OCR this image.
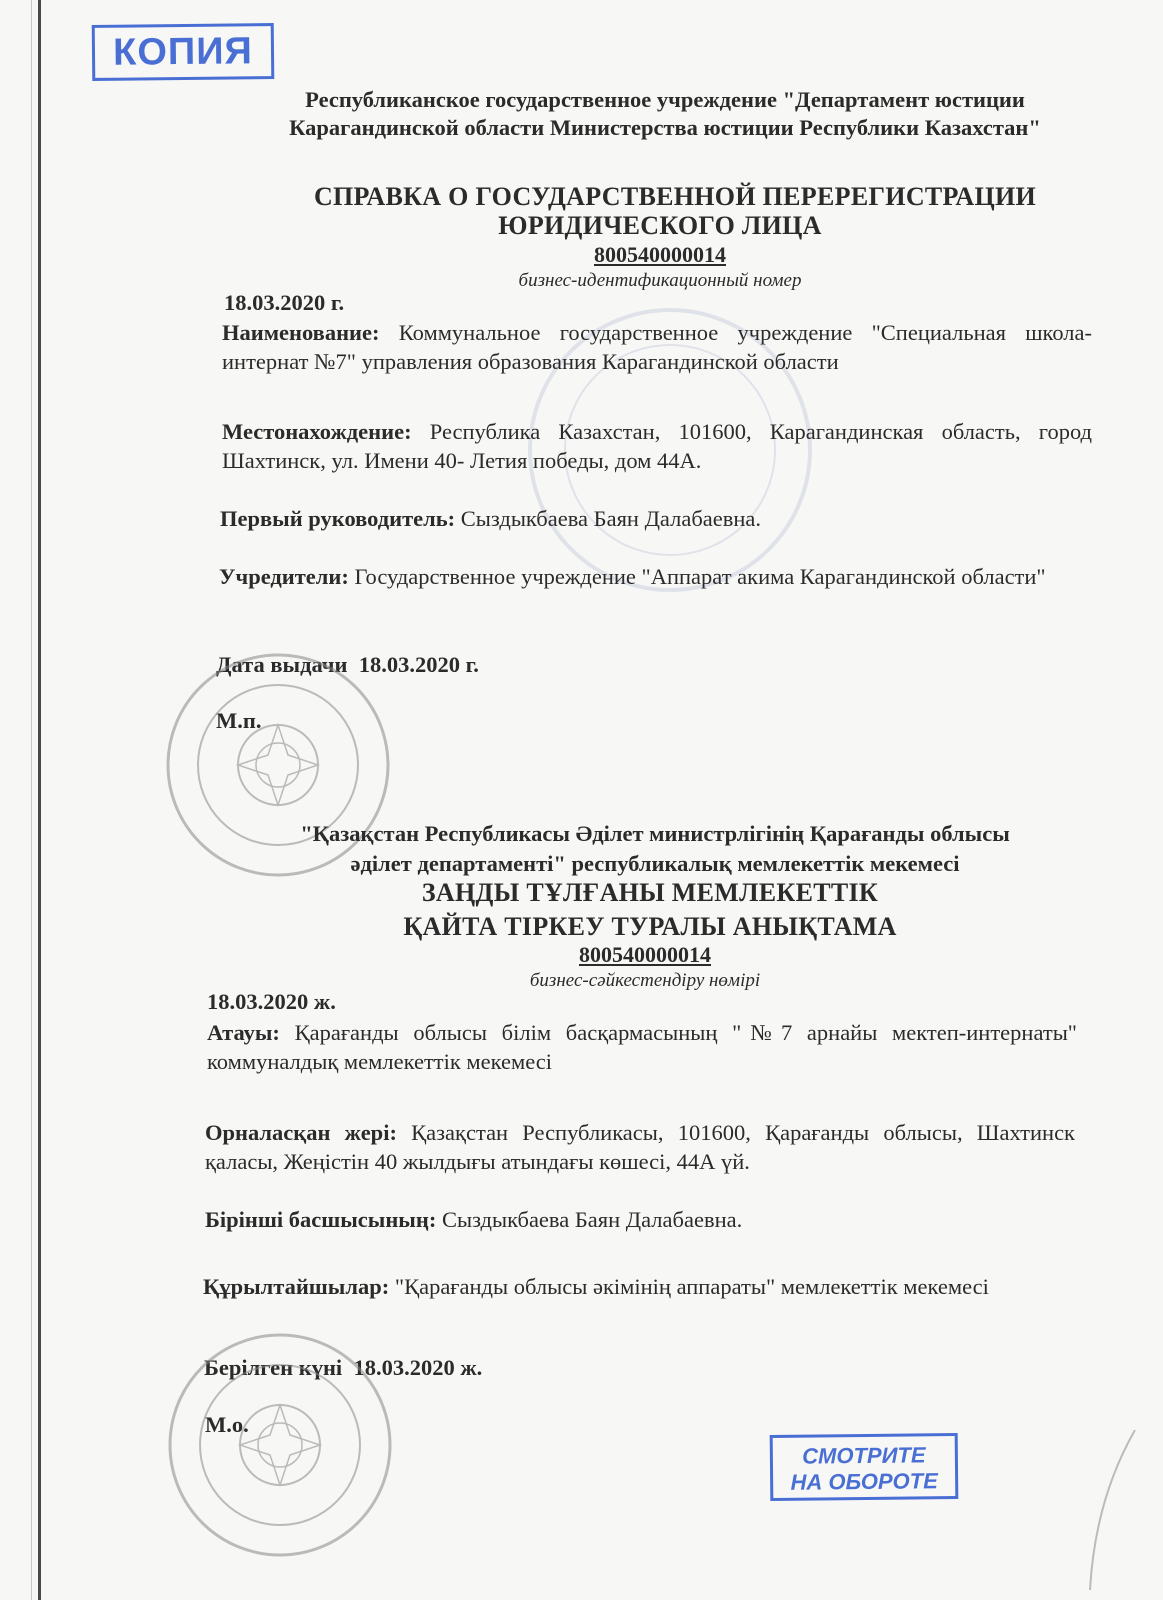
КОПИЯ
Республиканское государственное учреждение "Департамент юстиции Карагандинской области Министерства юстиции Республики Казахстан"
СПРАВКА О ГОСУДАРСТВЕННОЙ ПЕРЕРЕГИСТРАЦИИ
ЮРИДИЧЕСКОГО ЛИЦА
800540000014
бизнес-идентификационный номер
18.03.2020 г.
Наименование: Коммунальное государственное учреждение "Специальная школа-интернат №7" управления образования Карагандинской области
Местонахождение: Республика Казахстан, 101600, Карагандинская область, город Шахтинск, ул. Имени 40- Летия победы, дом 44А.
Первый руководитель: Сыздыкбаева Баян Далабаевна.
Учредители: Государственное учреждение "Аппарат акима Карагандинской области"
Дата выдачи 18.03.2020 г.
М.п.
"Қазақстан Республикасы Әділет министрлігінің Қарағанды облысы
әділет департаменті" республикалық мемлекеттік мекемесі
ЗАҢДЫ ТҰЛҒАНЫ МЕМЛЕКЕТТІК
ҚАЙТА ТІРКЕУ ТУРАЛЫ АНЫҚТАМА
800540000014
бизнес-сәйкестендіру нөмірі
18.03.2020 ж.
Атауы: Қарағанды облысы білім басқармасының "№7 арнайы мектеп-интернаты" коммуналдық мемлекеттік мекемесі
Орналасқан жері: Қазақстан Республикасы, 101600, Қарағанды облысы, Шахтинск қаласы, Жеңістін 40 жылдығы атындағы көшесі, 44А үй.
Бірінші басшысының: Сыздыкбаева Баян Далабаевна.
Құрылтайшылар: "Қарағанды облысы әкімінің аппараты" мемлекеттік мекемесі
Берілген күні 18.03.2020 ж.
М.о.
СМОТРИТЕ
НА ОБОРОТЕ
